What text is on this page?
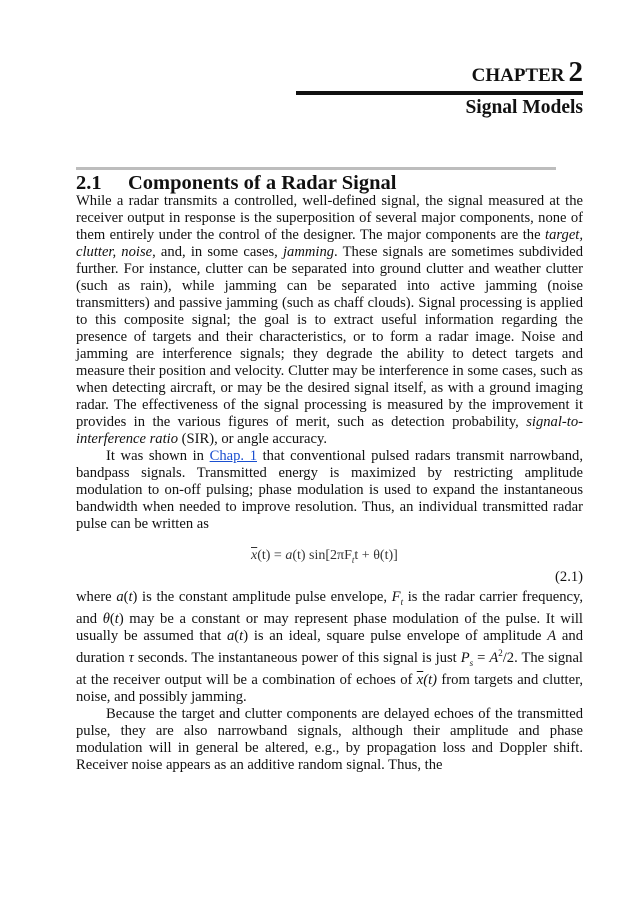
CHAPTER 2
Signal Models
2.1 Components of a Radar Signal

While a radar transmits a controlled, well-defined signal, the signal measured at the receiver output in response is the superposition of several major components, none of them entirely under the control of the designer. The major components are the target, clutter, noise, and, in some cases, jamming. These signals are sometimes subdivided further. For instance, clutter can be separated into ground clutter and weather clutter (such as rain), while jamming can be separated into active jamming (noise transmitters) and passive jamming (such as chaff clouds). Signal processing is applied to this composite signal; the goal is to extract useful information regarding the presence of targets and their characteristics, or to form a radar image. Noise and jamming are interference signals; they degrade the ability to detect targets and measure their position and velocity. Clutter may be interference in some cases, such as when detecting aircraft, or may be the desired signal itself, as with a ground imaging radar. The effectiveness of the signal processing is measured by the improvement it provides in the various figures of merit, such as detection probability, signal-to-interference ratio (SIR), or angle accuracy.

It was shown in Chap. 1 that conventional pulsed radars transmit narrowband, bandpass signals. Transmitted energy is maximized by restricting amplitude modulation to on-off pulsing; phase modulation is used to expand the instantaneous bandwidth when needed to improve resolution. Thus, an individual transmitted radar pulse can be written as

$\overline{x}(t) = a(t) \sin[2\pi F_tt + \theta(t)]$
(2.1)

where a(t) is the constant amplitude pulse envelope, $F_t$ is the radar carrier frequency, and θ(t) may be a constant or may represent phase modulation of the pulse. It will usually be assumed that a(t) is an ideal, square pulse envelope of amplitude A and duration τ seconds. The instantaneous power of this signal is just $P_s = A^2/2$. The signal at the receiver output will be a combination of echoes of $\overline{x}(t)$ from targets and clutter, noise, and possibly jamming.

Because the target and clutter components are delayed echoes of the transmitted pulse, they are also narrowband signals, although their amplitude and phase modulation will in general be altered, e.g., by propagation loss and Doppler shift. Receiver noise appears as an additive random signal. Thus, the
